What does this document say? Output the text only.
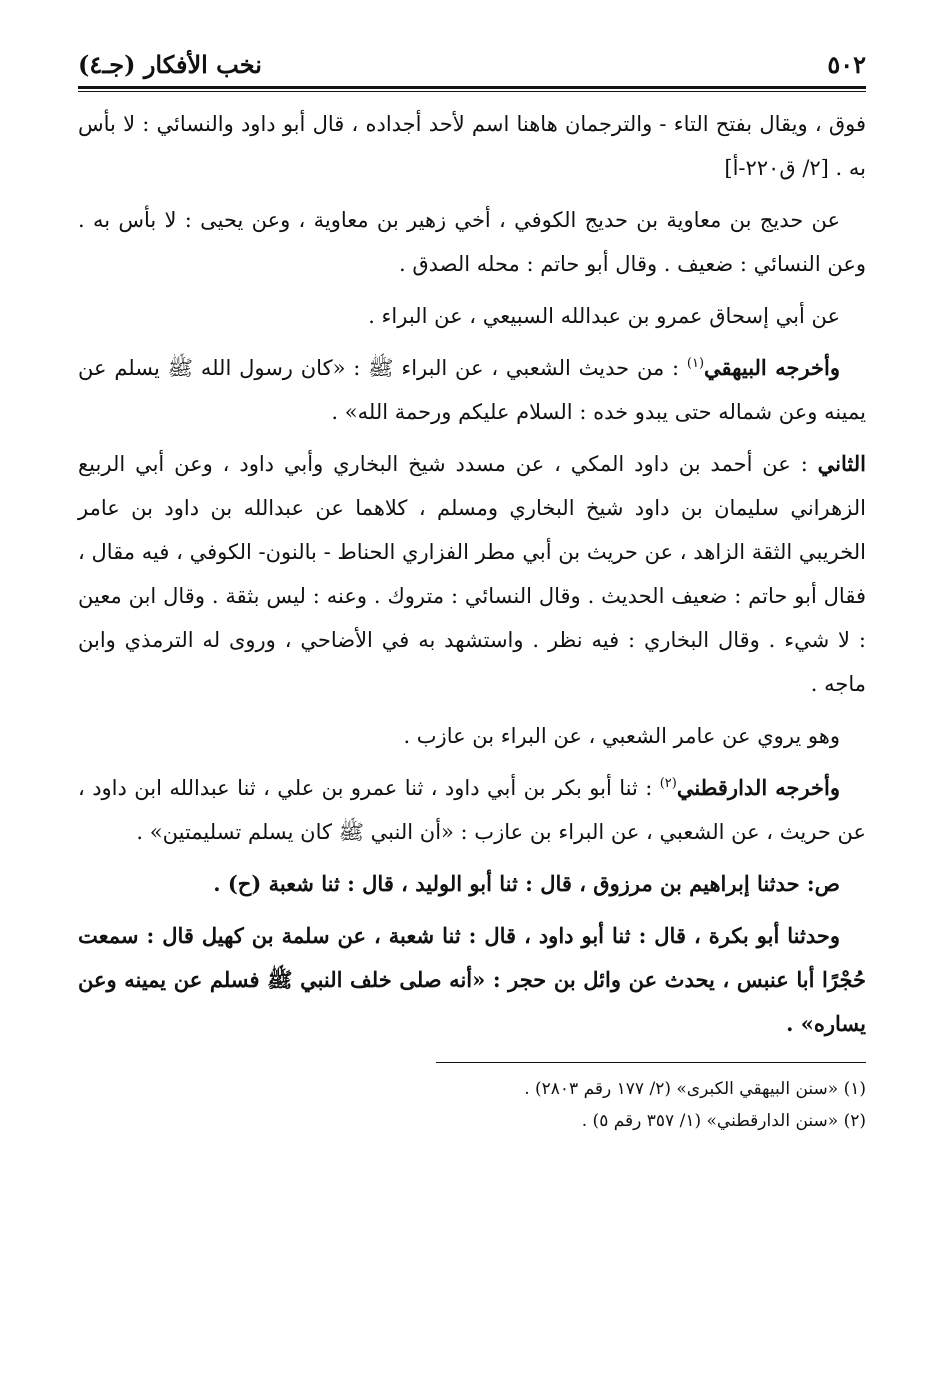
٥٠٢
نخب الأفكار (جـ٤)

فوق ، ويقال بفتح التاء - والترجمان هاهنا اسم لأحد أجداده ، قال أبو داود والنسائي : لا بأس به . [٢/ ق٢٢٠-أ]

عن حديج بن معاوية بن حديج الكوفي ، أخي زهير بن معاوية ، وعن يحيى : لا بأس به . وعن النسائي : ضعيف . وقال أبو حاتم : محله الصدق .

عن أبي إسحاق عمرو بن عبدالله السبيعي ، عن البراء .

وأخرجه البيهقي$^{(١)}$ : من حديث الشعبي ، عن البراء ﷺ : «كان رسول الله ﷺ يسلم عن يمينه وعن شماله حتى يبدو خده : السلام عليكم ورحمة الله» .

الثاني : عن أحمد بن داود المكي ، عن مسدد شيخ البخاري وأبي داود ، وعن أبي الربيع الزهراني سليمان بن داود شيخ البخاري ومسلم ، كلاهما عن عبدالله بن داود بن عامر الخريبي الثقة الزاهد ، عن حريث بن أبي مطر الفزاري الحناط - بالنون- الكوفي ، فيه مقال ، فقال أبو حاتم : ضعيف الحديث . وقال النسائي : متروك . وعنه : ليس بثقة . وقال ابن معين : لا شيء . وقال البخاري : فيه نظر . واستشهد به في الأضاحي ، وروى له الترمذي وابن ماجه .

وهو يروي عن عامر الشعبي ، عن البراء بن عازب .

وأخرجه الدارقطني$^{(٢)}$ : ثنا أبو بكر بن أبي داود ، ثنا عمرو بن علي ، ثنا عبدالله ابن داود ، عن حريث ، عن الشعبي ، عن البراء بن عازب : «أن النبي ﷺ كان يسلم تسليمتين» .

ص: حدثنا إبراهيم بن مرزوق ، قال : ثنا أبو الوليد ، قال : ثنا شعبة (ح) .

وحدثنا أبو بكرة ، قال : ثنا أبو داود ، قال : ثنا شعبة ، عن سلمة بن كهيل قال : سمعت حُجْرًا أبا عنبس ، يحدث عن وائل بن حجر : «أنه صلى خلف النبي ﷺ فسلم عن يمينه وعن يساره» .

(١) «سنن البيهقي الكبرى» (٢/ ١٧٧ رقم ٢٨٠٣) .

(٢) «سنن الدارقطني» (١/ ٣٥٧ رقم ٥) .
